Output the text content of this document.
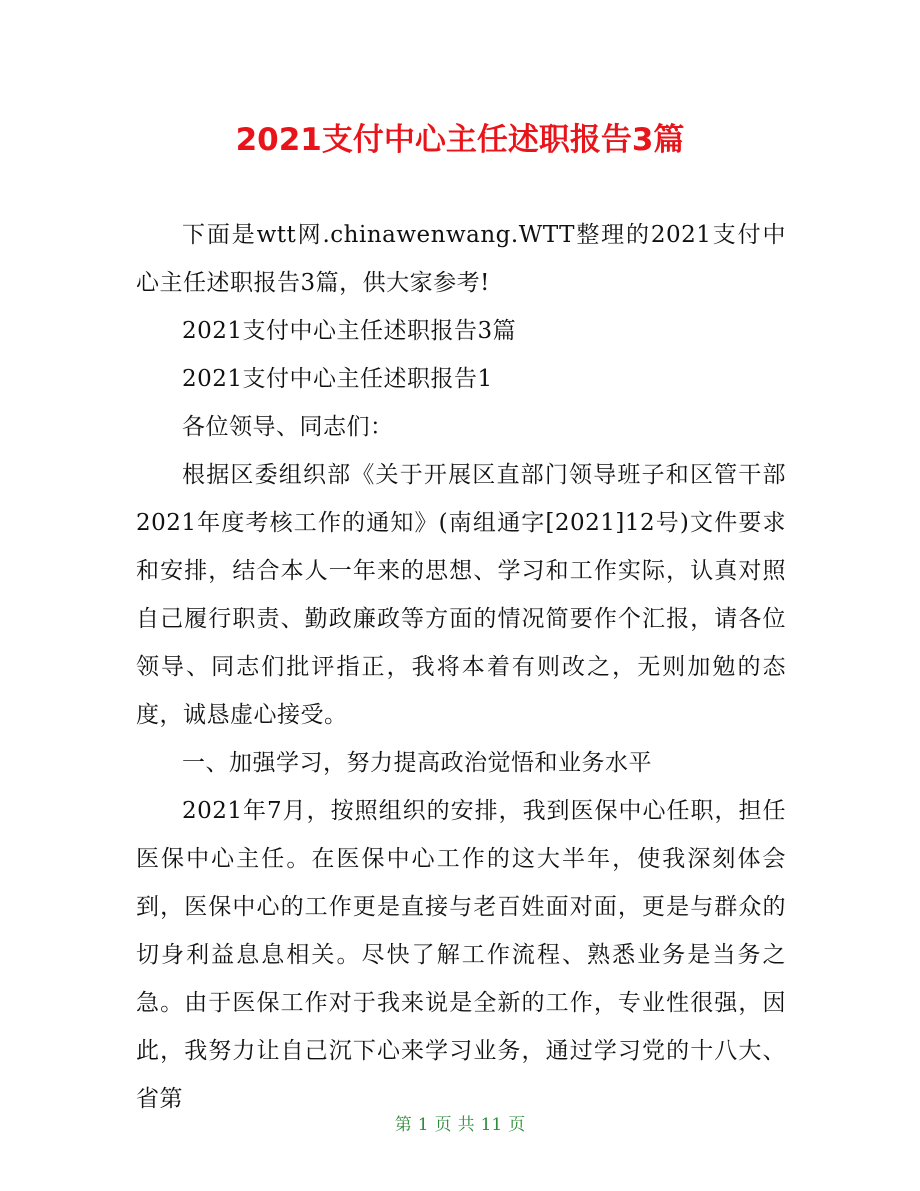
2021支付中心主任述职报告3篇

下面是wtt网.chinawenwang.WTT整理的2021支付中心主任述职报告3篇，供大家参考!

2021支付中心主任述职报告3篇

2021支付中心主任述职报告1

各位领导、同志们：

根据区委组织部《关于开展区直部门领导班子和区管干部2021年度考核工作的通知》(南组通字[2021]12号)文件要求和安排，结合本人一年来的思想、学习和工作实际，认真对照自己履行职责、勤政廉政等方面的情况简要作个汇报，请各位领导、同志们批评指正，我将本着有则改之，无则加勉的态度，诚恳虚心接受。

一、加强学习，努力提高政治觉悟和业务水平

2021年7月，按照组织的安排，我到医保中心任职，担任医保中心主任。在医保中心工作的这大半年，使我深刻体会到，医保中心的工作更是直接与老百姓面对面，更是与群众的切身利益息息相关。尽快了解工作流程、熟悉业务是当务之急。由于医保工作对于我来说是全新的工作，专业性很强，因此，我努力让自己沉下心来学习业务，通过学习党的十八大、省第

第 1 页 共 11 页
